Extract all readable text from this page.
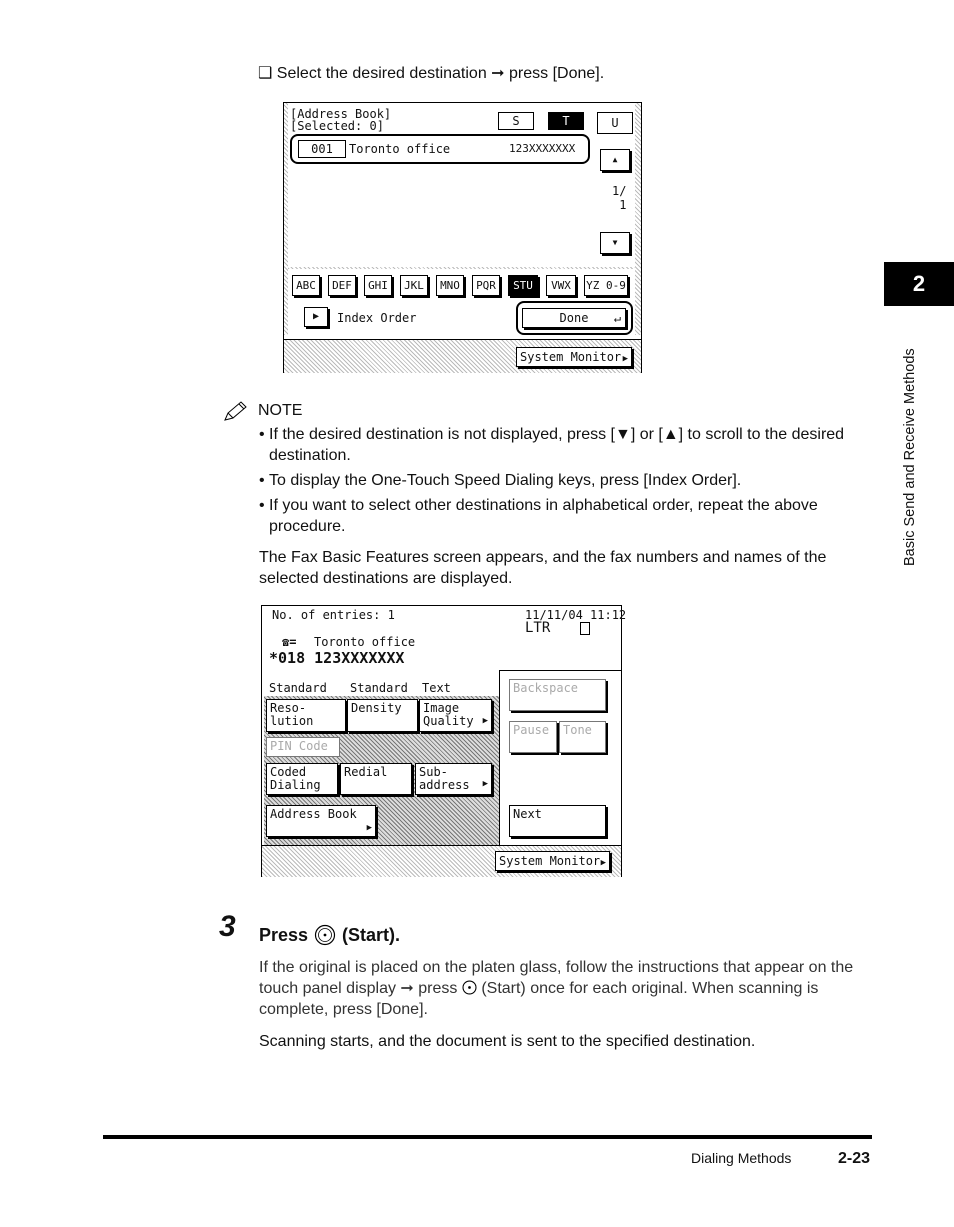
❑ Select the desired destination ➞ press [Done].
[Address Book]
[Selected: 0]	S	T	U
001	Toronto office	123XXXXXXX
▲
1/
1
▼
ABC	DEF	GHI	JKL	MNO	PQR	STU	VWX	YZ 0-9
▶	Index Order	Done ↵
System Monitor ▶
NOTE
• If the desired destination is not displayed, press [▼] or [▲] to scroll to the desired destination.
• To display the One-Touch Speed Dialing keys, press [Index Order].
• If you want to select other destinations in alphabetical order, repeat the above procedure.
The Fax Basic Features screen appears, and the fax numbers and names of the selected destinations are displayed.
No. of entries: 1	11/11/04 11:12
LTR
☎= Toronto office
*018 123XXXXXXX
Standard Standard Text
Reso- lution
Density	Image Quality	▶
PIN Code
Coded Dialing
Redial	Sub- address	▶
Address Book
▶
Backspace
Pause	Tone
Next
System Monitor ▶
3 Press (Start).
If the original is placed on the platen glass, follow the instructions that appear on the touch panel display ➞ press (Start) once for each original. When scanning is complete, press [Done].
Scanning starts, and the document is sent to the specified destination.
2
Basic Send and Receive Methods
Dialing Methods	2-23
